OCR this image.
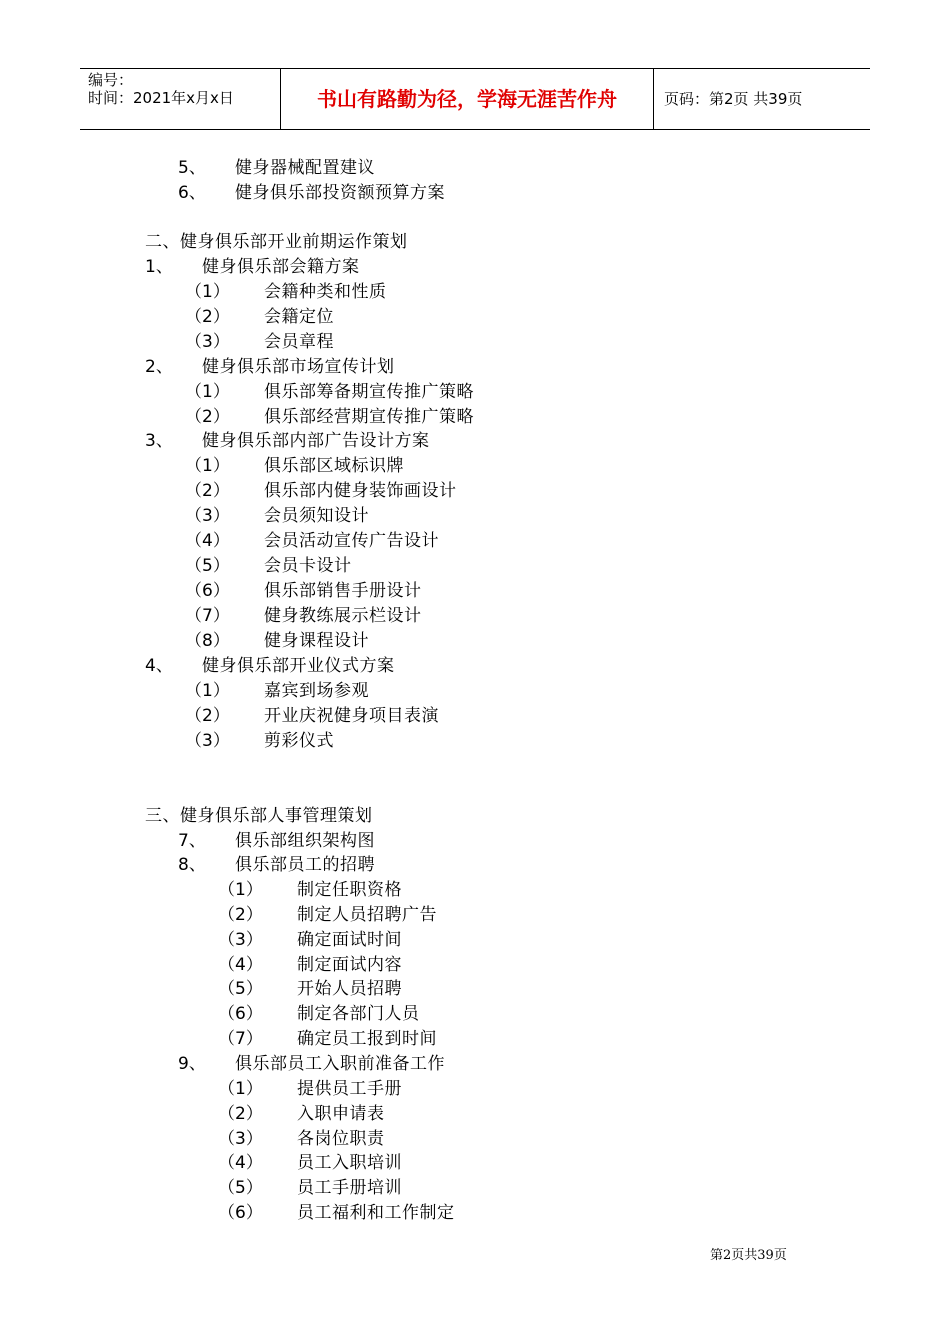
编号：
时间：2021年x月x日	书山有路勤为径，学海无涯苦作舟	页码：第2页 共39页
5、 健身器械配置建议
6、 健身俱乐部投资额预算方案
二、健身俱乐部开业前期运作策划
1、 健身俱乐部会籍方案
（1） 会籍种类和性质
（2） 会籍定位
（3） 会员章程
2、 健身俱乐部市场宣传计划
（1） 俱乐部筹备期宣传推广策略
（2） 俱乐部经营期宣传推广策略
3、 健身俱乐部内部广告设计方案
（1） 俱乐部区域标识牌
（2） 俱乐部内健身装饰画设计
（3） 会员须知设计
（4） 会员活动宣传广告设计
（5） 会员卡设计
（6） 俱乐部销售手册设计
（7） 健身教练展示栏设计
（8） 健身课程设计
4、 健身俱乐部开业仪式方案
（1） 嘉宾到场参观
（2） 开业庆祝健身项目表演
（3） 剪彩仪式
三、健身俱乐部人事管理策划
7、 俱乐部组织架构图
8、 俱乐部员工的招聘
（1） 制定任职资格
（2） 制定人员招聘广告
（3） 确定面试时间
（4） 制定面试内容
（5） 开始人员招聘
（6） 制定各部门人员
（7） 确定员工报到时间
9、 俱乐部员工入职前准备工作
（1） 提供员工手册
（2） 入职申请表
（3） 各岗位职责
（4） 员工入职培训
（5） 员工手册培训
（6） 员工福利和工作制定
第2页共39页
